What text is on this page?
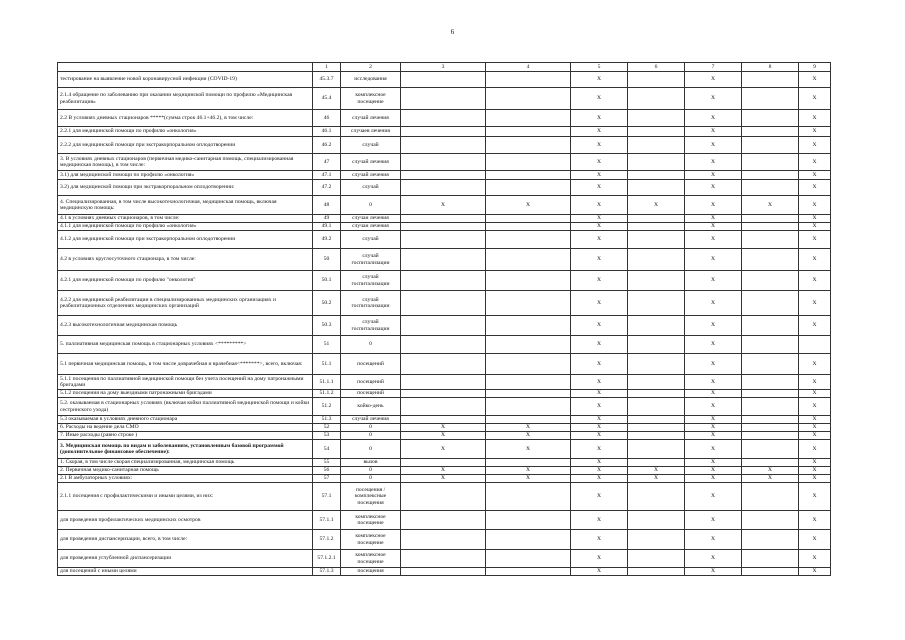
6
	1	2	3	4	5	6	7	8	9
тестирование на выявление новой коронавирусной инфекции (COVID-19)	45.3.7	исследования			X		X		X
2.1.4 обращение по заболеванию при оказании медицинской помощи по профилю «Медицинская реабилитация»	45.4	комплексное посещение			X		X		X
2.2 В условиях дневных стационаров *****(сумма строк 46.1+46.2), в том числе:	46	случай лечения			X		X		X
2.2.1 для медицинской помощи по профилю «онкология»	46.1	случаев лечения			X		X		X
2.2.2 для медицинской помощи при экстракорпоральном оплодотворении	46.2	случай			X		X		X
3. В условиях дневных стационаров (первичная медико-санитарная помощь, специализированная медицинская помощь), в том числе:	47	случай лечения			X		X		X
3.1) для медицинской помощи по профилю «онкология»	47.1	случай лечения			X		X		X
3.2) для медицинской помощи при экстракорпоральном оплодотворении:	47.2	случай			X		X		X
4. Специализированная, в том числе высокотехнологичная, медицинская помощь, включая медицинскую помощь:	48	0	X	X	X	X	X	X	X
4.1 в условиях дневных стационаров, в том числе:	49	случаи лечения			X		X		X
4.1.1 для медицинской помощи по профилю «онкология»	49.1	случаи лечения			X		X		X
4.1.2 для медицинской помощи при экстракорпоральном оплодотворении	49.2	случай			X		X		X
4.2 в условиях круглосуточного стационара, в том числе:	50	случай госпитализации			X		X		X
4.2.1 для медицинской помощи по профилю "онкология"	50.1	случай госпитализации			X		X		X
4.2.2 для медицинской реабилитации в специализированных медицинских организациях и реабилитационных отделениях медицинских организаций	50.2	случай госпитализации			X		X		X
4.2.3 высокотехнологичная медицинская помощь	50.3	случай госпитализации			X		X		X
5. паллиативная медицинская помощь в стационарных условиях <*********>	51	0			X		X		
5.1 первичная медицинская помощь, в том числе доврачебная и врачебная<*******>, всего, включая:	51.1	посещений			X		X		X
5.1.1 посещения по паллиативной медицинской помощи без учета посещений на дому патронажными бригадами	51.1.1	посещений			X		X		X
5.1.2 посещения на дому выездными патронажными бригадами	51.1.2	посещений			X		X		X
5.2. оказываемая в стационарных условиях (включая койки паллиативной медицинской помощи и койки сестринского ухода)	51.2	койко-день			X		X		X
5.3 оказываемая в условиях дневного стационара	51.3	случай лечения			X		X		X
6. Расходы на ведение дела СМО	52	0	X	X	X		X		X
7. Иные расходы (равно строке )	53	0	X	X	X		X		X
3. Медицинская помощь по видам и заболеваниям, установленным базовой программой (дополнительное финансовое обеспечение):	54	0	X	X	X		X		X
1. Скорая, в том числе скорая специализированная, медицинская помощь	55	вызов			X		X		X
2. Первичная медико-санитарная помощь	56	0	X	X	X	X	X	X	X
2.1 В амбулаторных условиях:	57	0	X	X	X	X	X	X	X
2.1.1 посещения с профилактическими и иными целями, из них:	57.1	посещения / комплексные посещения			X		X		X
для проведения профилактических медицинских осмотров	57.1.1	комплексное посещение			X		X		X
для проведения диспансеризации, всего, в том числе:	57.1.2	комплексное посещение			X		X		X
для проведения углубленной диспансеризации	57.1.2.1	комплексное посещение			X		X		X
для посещений с иными целями	57.1.3	посещения			X		X		X
